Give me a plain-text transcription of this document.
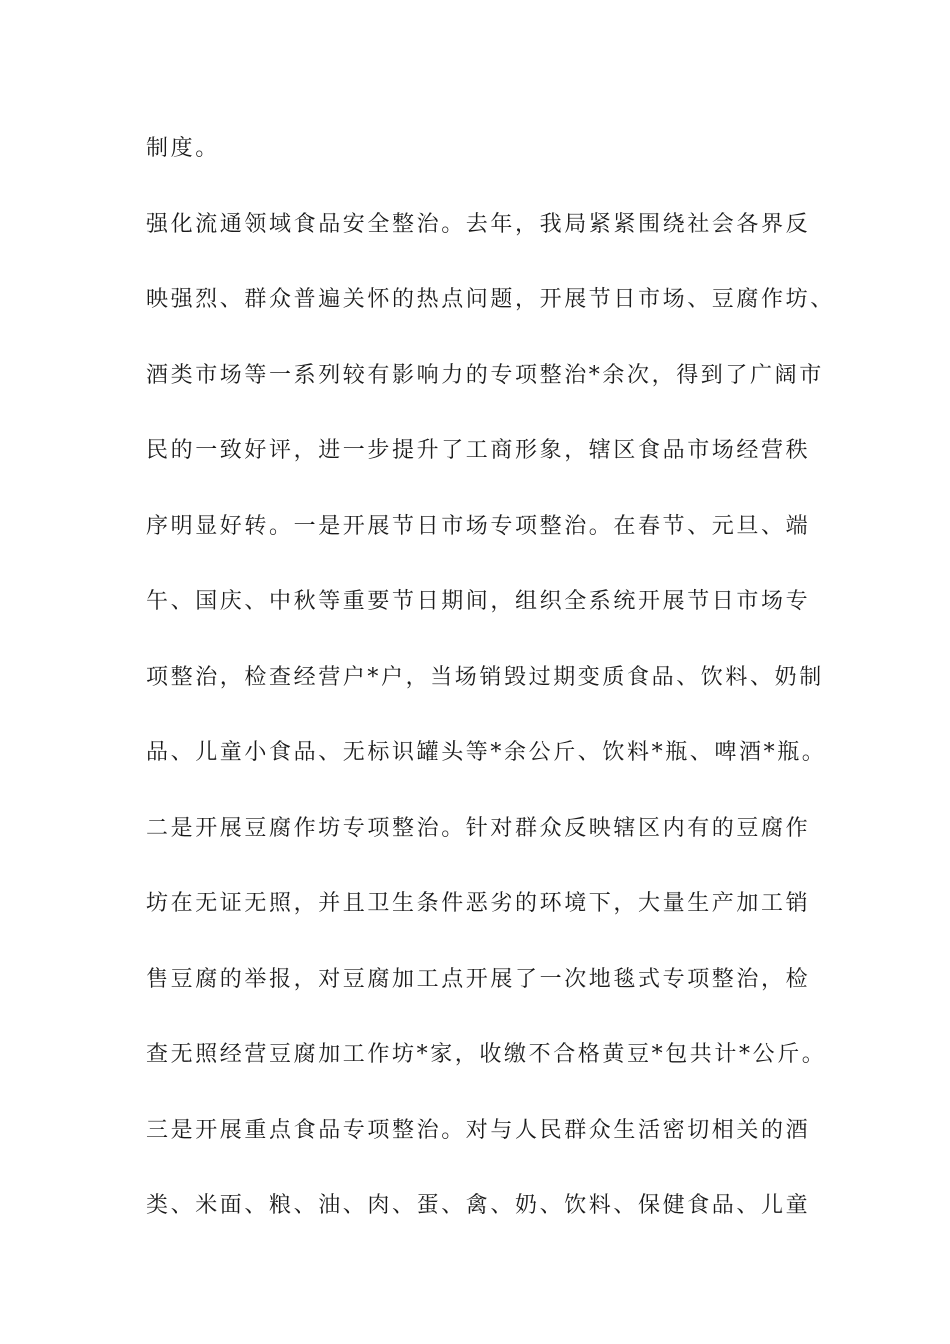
制度。
强化流通领域食品安全整治。去年，我局紧紧围绕社会各界反
映强烈、群众普遍关怀的热点问题，开展节日市场、豆腐作坊、
酒类市场等一系列较有影响力的专项整治*余次，得到了广阔市
民的一致好评，进一步提升了工商形象，辖区食品市场经营秩
序明显好转。一是开展节日市场专项整治。在春节、元旦、端
午、国庆、中秋等重要节日期间，组织全系统开展节日市场专
项整治，检查经营户*户，当场销毁过期变质食品、饮料、奶制
品、儿童小食品、无标识罐头等*余公斤、饮料*瓶、啤酒*瓶。
二是开展豆腐作坊专项整治。针对群众反映辖区内有的豆腐作
坊在无证无照，并且卫生条件恶劣的环境下，大量生产加工销
售豆腐的举报，对豆腐加工点开展了一次地毯式专项整治，检
查无照经营豆腐加工作坊*家，收缴不合格黄豆*包共计*公斤。
三是开展重点食品专项整治。对与人民群众生活密切相关的酒
类、米面、粮、油、肉、蛋、禽、奶、饮料、保健食品、儿童
